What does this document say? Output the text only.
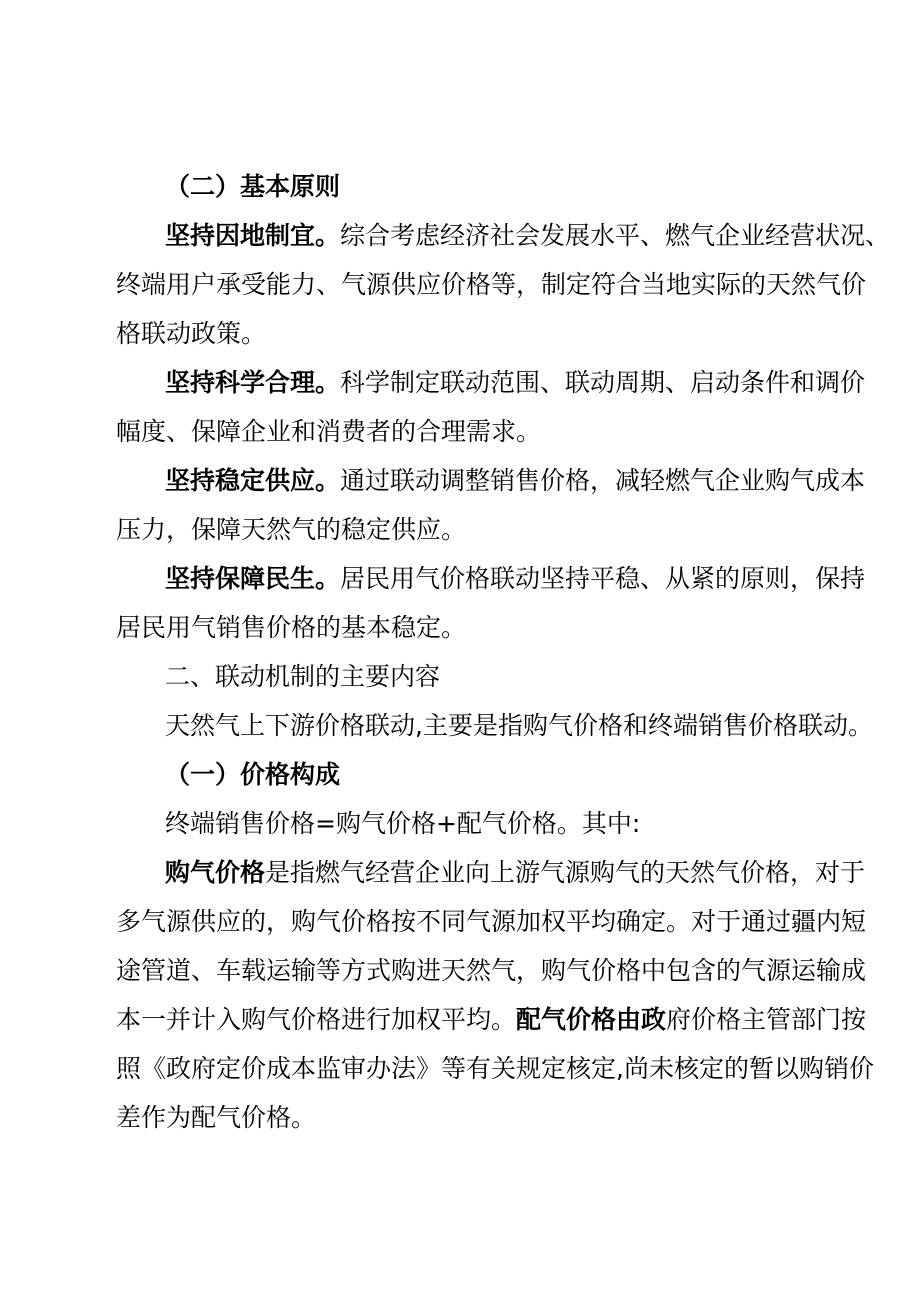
（二）基本原则
坚持因地制宜。综合考虑经济社会发展水平、燃气企业经营状况、
终端用户承受能力、气源供应价格等，制定符合当地实际的天然气价
格联动政策。
坚持科学合理。科学制定联动范围、联动周期、启动条件和调价
幅度、保障企业和消费者的合理需求。
坚持稳定供应。通过联动调整销售价格，减轻燃气企业购气成本
压力，保障天然气的稳定供应。
坚持保障民生。居民用气价格联动坚持平稳、从紧的原则，保持
居民用气销售价格的基本稳定。
二、联动机制的主要内容
天然气上下游价格联动,主要是指购气价格和终端销售价格联动。
（一）价格构成
终端销售价格=购气价格+配气价格。其中:
购气价格是指燃气经营企业向上游气源购气的天然气价格，对于
多气源供应的，购气价格按不同气源加权平均确定。对于通过疆内短
途管道、车载运输等方式购进天然气，购气价格中包含的气源运输成
本一并计入购气价格进行加权平均。配气价格由政府价格主管部门按
照《政府定价成本监审办法》等有关规定核定,尚未核定的暂以购销价
差作为配气价格。
